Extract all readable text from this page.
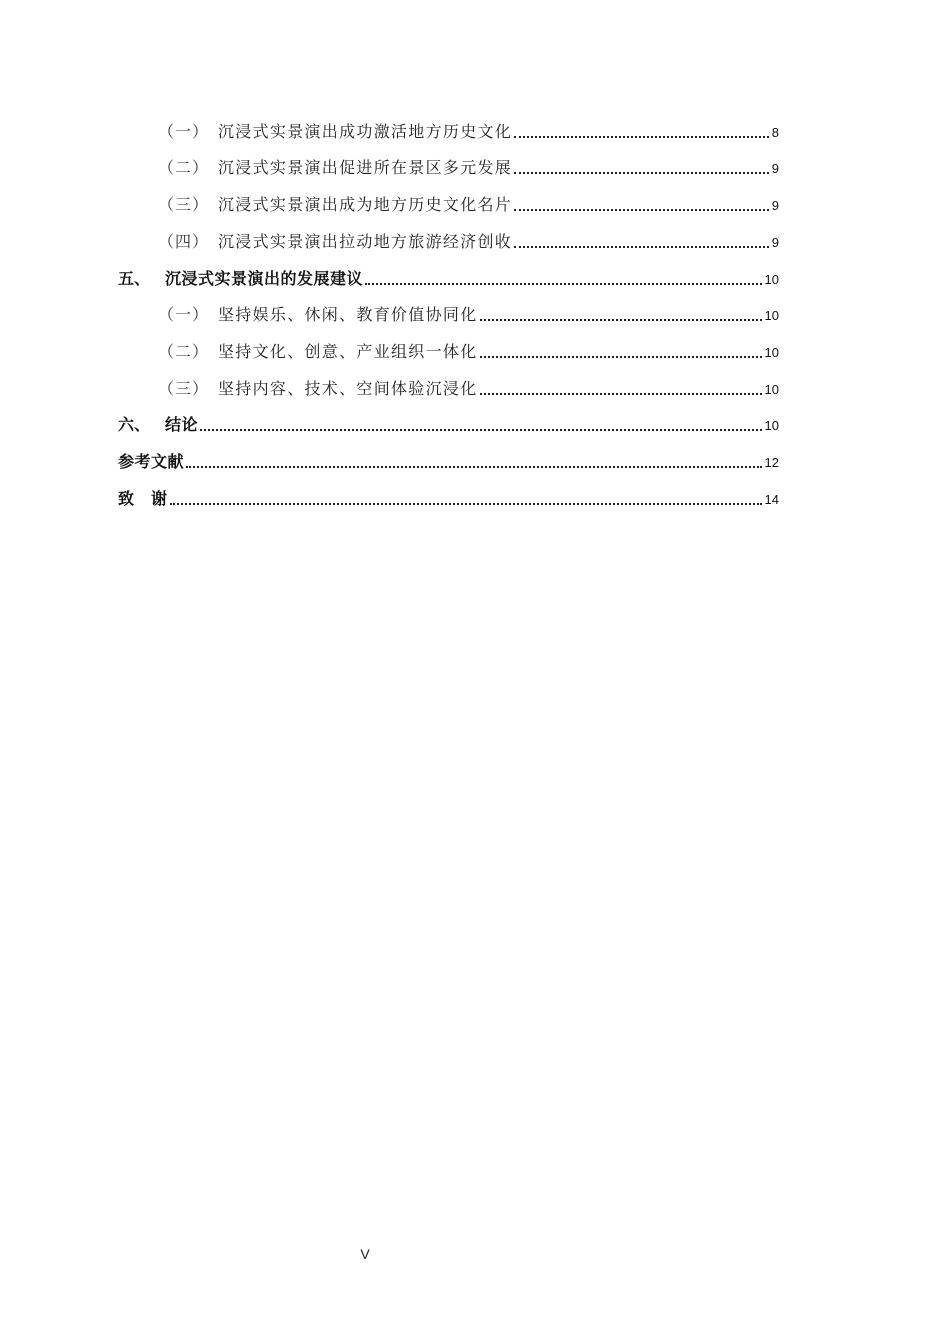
（一） 沉浸式实景演出成功激活地方历史文化	8
（二） 沉浸式实景演出促进所在景区多元发展	9
（三） 沉浸式实景演出成为地方历史文化名片	9
（四） 沉浸式实景演出拉动地方旅游经济创收	9
五、 沉浸式实景演出的发展建议	10
（一） 坚持娱乐、休闲、教育价值协同化	10
（二） 坚持文化、创意、产业组织一体化	10
（三） 坚持内容、技术、空间体验沉浸化	10
六、 结论	10
参考文献	12
致　谢	14
V
